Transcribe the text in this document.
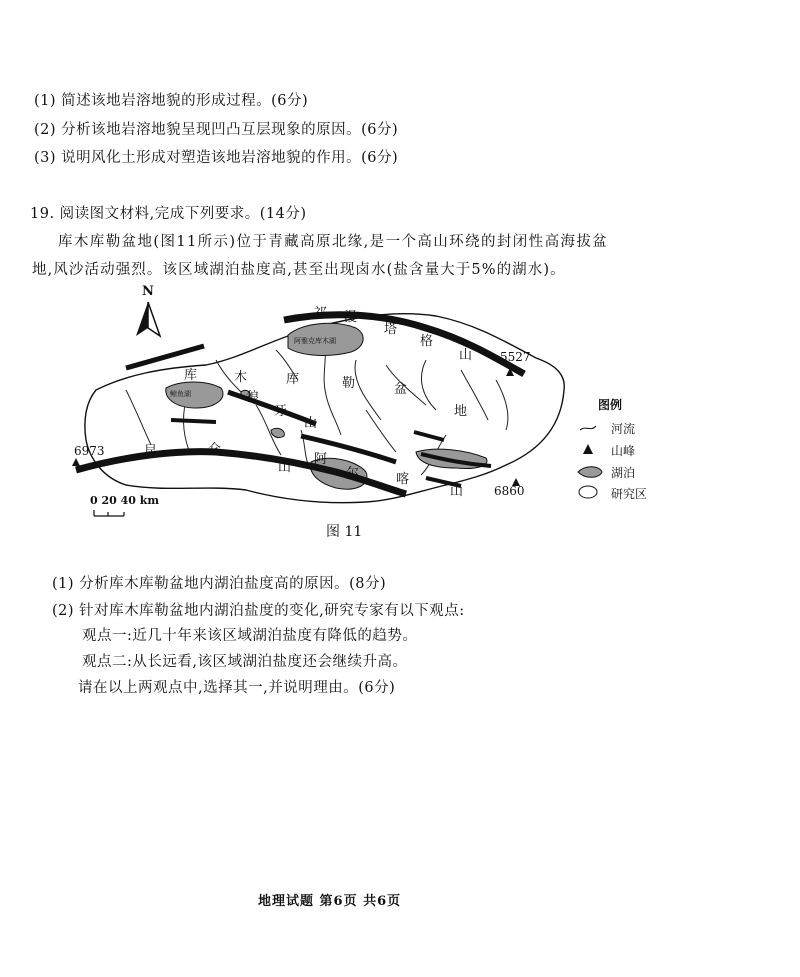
(1) 简述该地岩溶地貌的形成过程。(6分)
(2) 分析该地岩溶地貌呈现凹凸互层现象的原因。(6分)
(3) 说明风化土形成对塑造该地岩溶地貌的作用。(6分)
19. 阅读图文材料,完成下列要求。(14分)
库木库勒盆地(图11所示)位于青藏高原北缘,是一个高山环绕的封闭性高海拔盆
地,风沙活动强烈。该区域湖泊盐度高,甚至出现卤水(盐含量大于5%的湖水)。
N
祁 漫
塔
格
山 5527
6973
6860
阿雅克库木湖
鲸鱼湖
库	木	库	勒	盆
地
狼
牙
山
昆	仑
山
阿
尔	喀
山
0 20 40 km
图例
河流
山峰
湖泊
研究区
图 11
(1) 分析库木库勒盆地内湖泊盐度高的原因。(8分)
(2) 针对库木库勒盆地内湖泊盐度的变化,研究专家有以下观点:
观点一:近几十年来该区域湖泊盐度有降低的趋势。
观点二:从长远看,该区域湖泊盐度还会继续升高。
请在以上两观点中,选择其一,并说明理由。(6分)
地理试题 第6页 共6页
